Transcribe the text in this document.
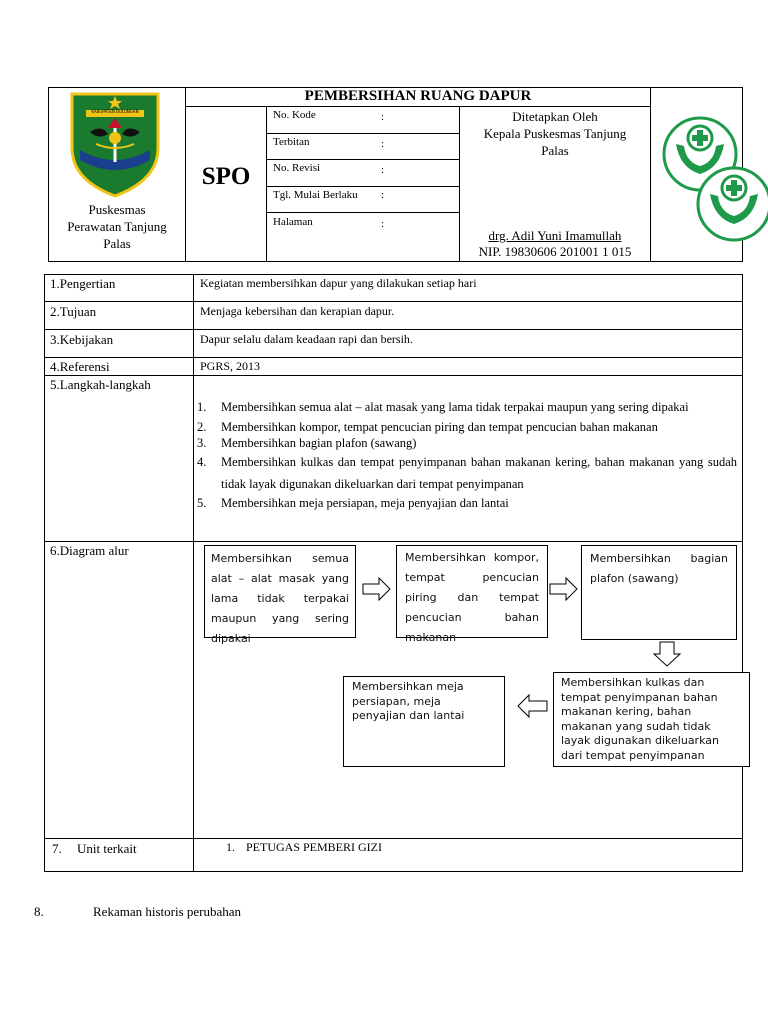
KABUPATEN BULUNGAN
Puskesmas
Perawatan Tanjung
Palas
PEMBERSIHAN RUANG DAPUR
SPO
No. Kode	:
Terbitan	:
No. Revisi	:
Tgl. Mulai Berlaku :
Halaman	:
Ditetapkan Oleh
Kepala Puskesmas Tanjung
Palas
drg. Adil Yuni Imamullah
NIP. 19830606 201001 1 015
1.Pengertian	Kegiatan membersihkan dapur yang dilakukan setiap hari
2.Tujuan	Menjaga kebersihan dan kerapian dapur.
3.Kebijakan	Dapur selalu dalam keadaan rapi dan bersih.
4.Referensi	PGRS, 2013
5.Langkah-langkah
1. Membersihkan semua alat – alat masak yang lama tidak terpakai maupun yang sering dipakai
2. Membersihkan kompor, tempat pencucian piring dan tempat pencucian bahan makanan
3. Membersihkan bagian plafon (sawang)
4. Membersihkan kulkas dan tempat penyimpanan bahan makanan kering, bahan makanan yang sudah tidak layak digunakan dikeluarkan dari tempat penyimpanan
5. Membersihkan meja persiapan, meja penyajian dan lantai
6.Diagram alur
Membersihkan semua alat – alat masak yang lama tidak terpakai maupun yang sering dipakai
Membersihkan kompor, tempat pencucian piring dan tempat pencucian bahan makanan
Membersihkan bagian plafon (sawang)
Membersihkan kulkas dan tempat penyimpanan bahan makanan kering, bahan makanan yang sudah tidak layak digunakan dikeluarkan dari tempat penyimpanan
Membersihkan meja persiapan, meja penyajian dan lantai
7. Unit terkait	1. PETUGAS PEMBERI GIZI
8.	Rekaman historis perubahan
